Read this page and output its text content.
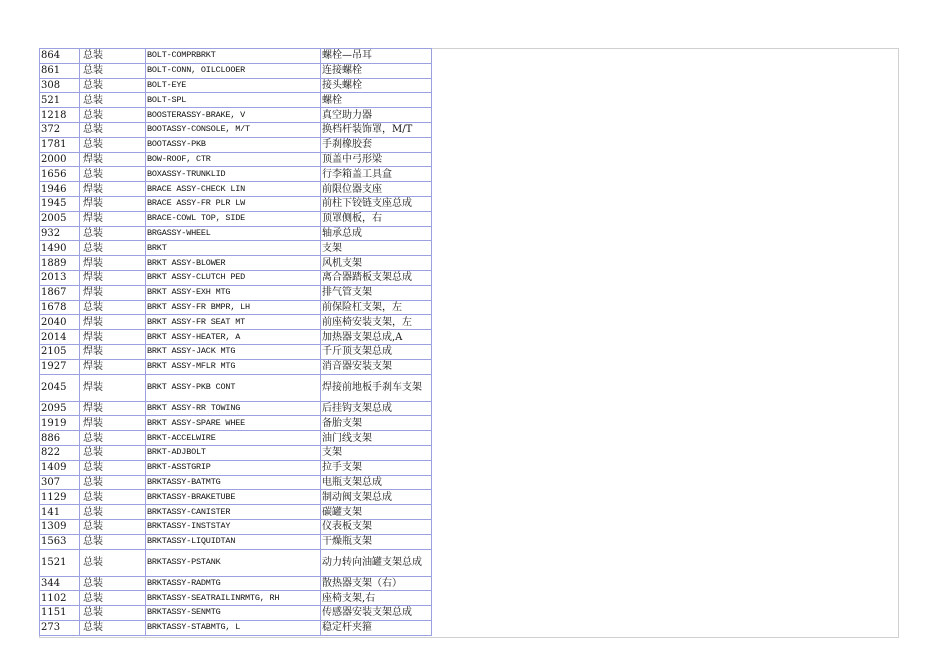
864	总装	BOLT-COMPRBRKT	螺栓—吊耳
861	总装	BOLT-CONN, OILCLOOER	连接螺栓
308	总装	BOLT-EYE	接头螺栓
521	总装	BOLT-SPL	螺栓
1218	总装	BOOSTERASSY-BRAKE, V	真空助力器
372	总装	BOOTASSY-CONSOLE, M/T	换档杆装饰罩，M/T
1781	总装	BOOTASSY-PKB	手刹橡胶套
2000	焊装	BOW-ROOF, CTR	顶盖中弓形梁
1656	总装	BOXASSY-TRUNKLID	行李箱盖工具盒
1946	焊装	BRACE ASSY-CHECK LIN	前限位器支座
1945	焊装	BRACE ASSY-FR PLR LW	前柱下铰链支座总成
2005	焊装	BRACE-COWL TOP, SIDE	顶罩侧板，右
932	总装	BRGASSY-WHEEL	轴承总成
1490	总装	BRKT	支架
1889	焊装	BRKT ASSY-BLOWER	风机支架
2013	焊装	BRKT ASSY-CLUTCH PED	离合器踏板支架总成
1867	焊装	BRKT ASSY-EXH MTG	排气管支架
1678	总装	BRKT ASSY-FR BMPR, LH	前保险杠支架，左
2040	焊装	BRKT ASSY-FR SEAT MT	前座椅安装支架，左
2014	焊装	BRKT ASSY-HEATER, A	加热器支架总成,A
2105	焊装	BRKT ASSY-JACK MTG	千斤顶支架总成
1927	焊装	BRKT ASSY-MFLR MTG	消音器安装支架
2045	焊装	BRKT ASSY-PKB CONT	焊接前地板手刹车支架
2095	焊装	BRKT ASSY-RR TOWING	后挂钩支架总成
1919	焊装	BRKT ASSY-SPARE WHEE	备胎支架
886	总装	BRKT-ACCELWIRE	油门线支架
822	总装	BRKT-ADJBOLT	支架
1409	总装	BRKT-ASSTGRIP	拉手支架
307	总装	BRKTASSY-BATMTG	电瓶支架总成
1129	总装	BRKTASSY-BRAKETUBE	制动阀支架总成
141	总装	BRKTASSY-CANISTER	碳罐支架
1309	总装	BRKTASSY-INSTSTAY	仪表板支架
1563	总装	BRKTASSY-LIQUIDTAN	干燥瓶支架
1521	总装	BRKTASSY-PSTANK	动力转向油罐支架总成
344	总装	BRKTASSY-RADMTG	散热器支架（右）
1102	总装	BRKTASSY-SEATRAILINRMTG, RH	座椅支架,右
1151	总装	BRKTASSY-SENMTG	传感器安装支架总成
273	总装	BRKTASSY-STABMTG, L	稳定杆夹箍
